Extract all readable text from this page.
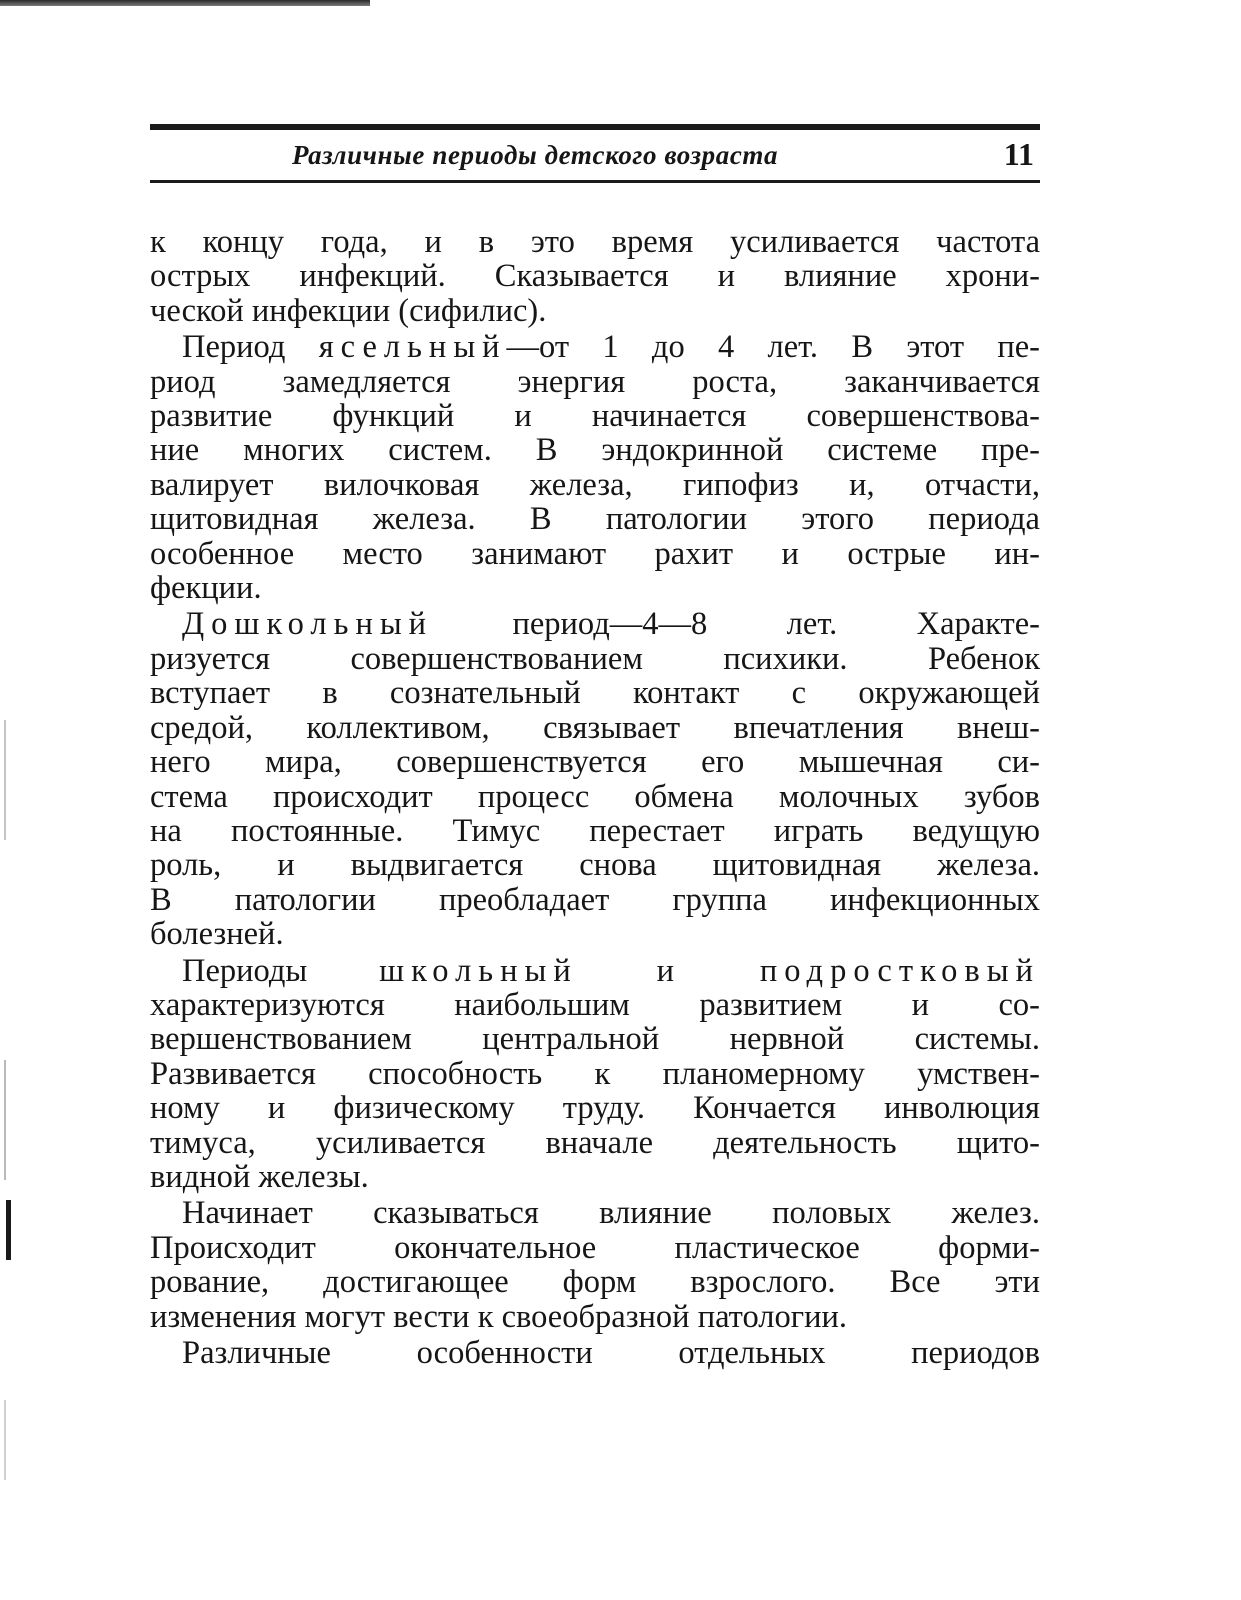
Различные периоды детского возраста	11
к концу года, и в это время усиливается частота
острых инфекций. Сказывается и влияние хрони-
ческой инфекции (сифилис).
Период ясельный—от 1 до 4 лет. В этот пе-
риод замедляется энергия роста, заканчивается
развитие функций и начинается совершенствова-
ние многих систем. В эндокринной системе пре-
валирует вилочковая железа, гипофиз и, отчасти,
щитовидная железа. В патологии этого периода
особенное место занимают рахит и острые ин-
фекции.
Дошкольный период—4—8 лет. Характе-
ризуется совершенствованием психики. Ребенок
вступает в сознательный контакт с окружающей
средой, коллективом, связывает впечатления внеш-
него мира, совершенствуется его мышечная си-
стема происходит процесс обмена молочных зубов
на постоянные. Тимус перестает играть ведущую
роль, и выдвигается снова щитовидная железа.
В патологии преобладает группа инфекционных
болезней.
Периоды школьный и подростковый
характеризуются наибольшим развитием и со-
вершенствованием центральной нервной системы.
Развивается способность к планомерному умствен-
ному и физическому труду. Кончается инволюция
тимуса, усиливается вначале деятельность щито-
видной железы.
Начинает сказываться влияние половых желез.
Происходит окончательное пластическое форми-
рование, достигающее форм взрослого. Все эти
изменения могут вести к своеобразной патологии.
Различные особенности отдельных периодов
